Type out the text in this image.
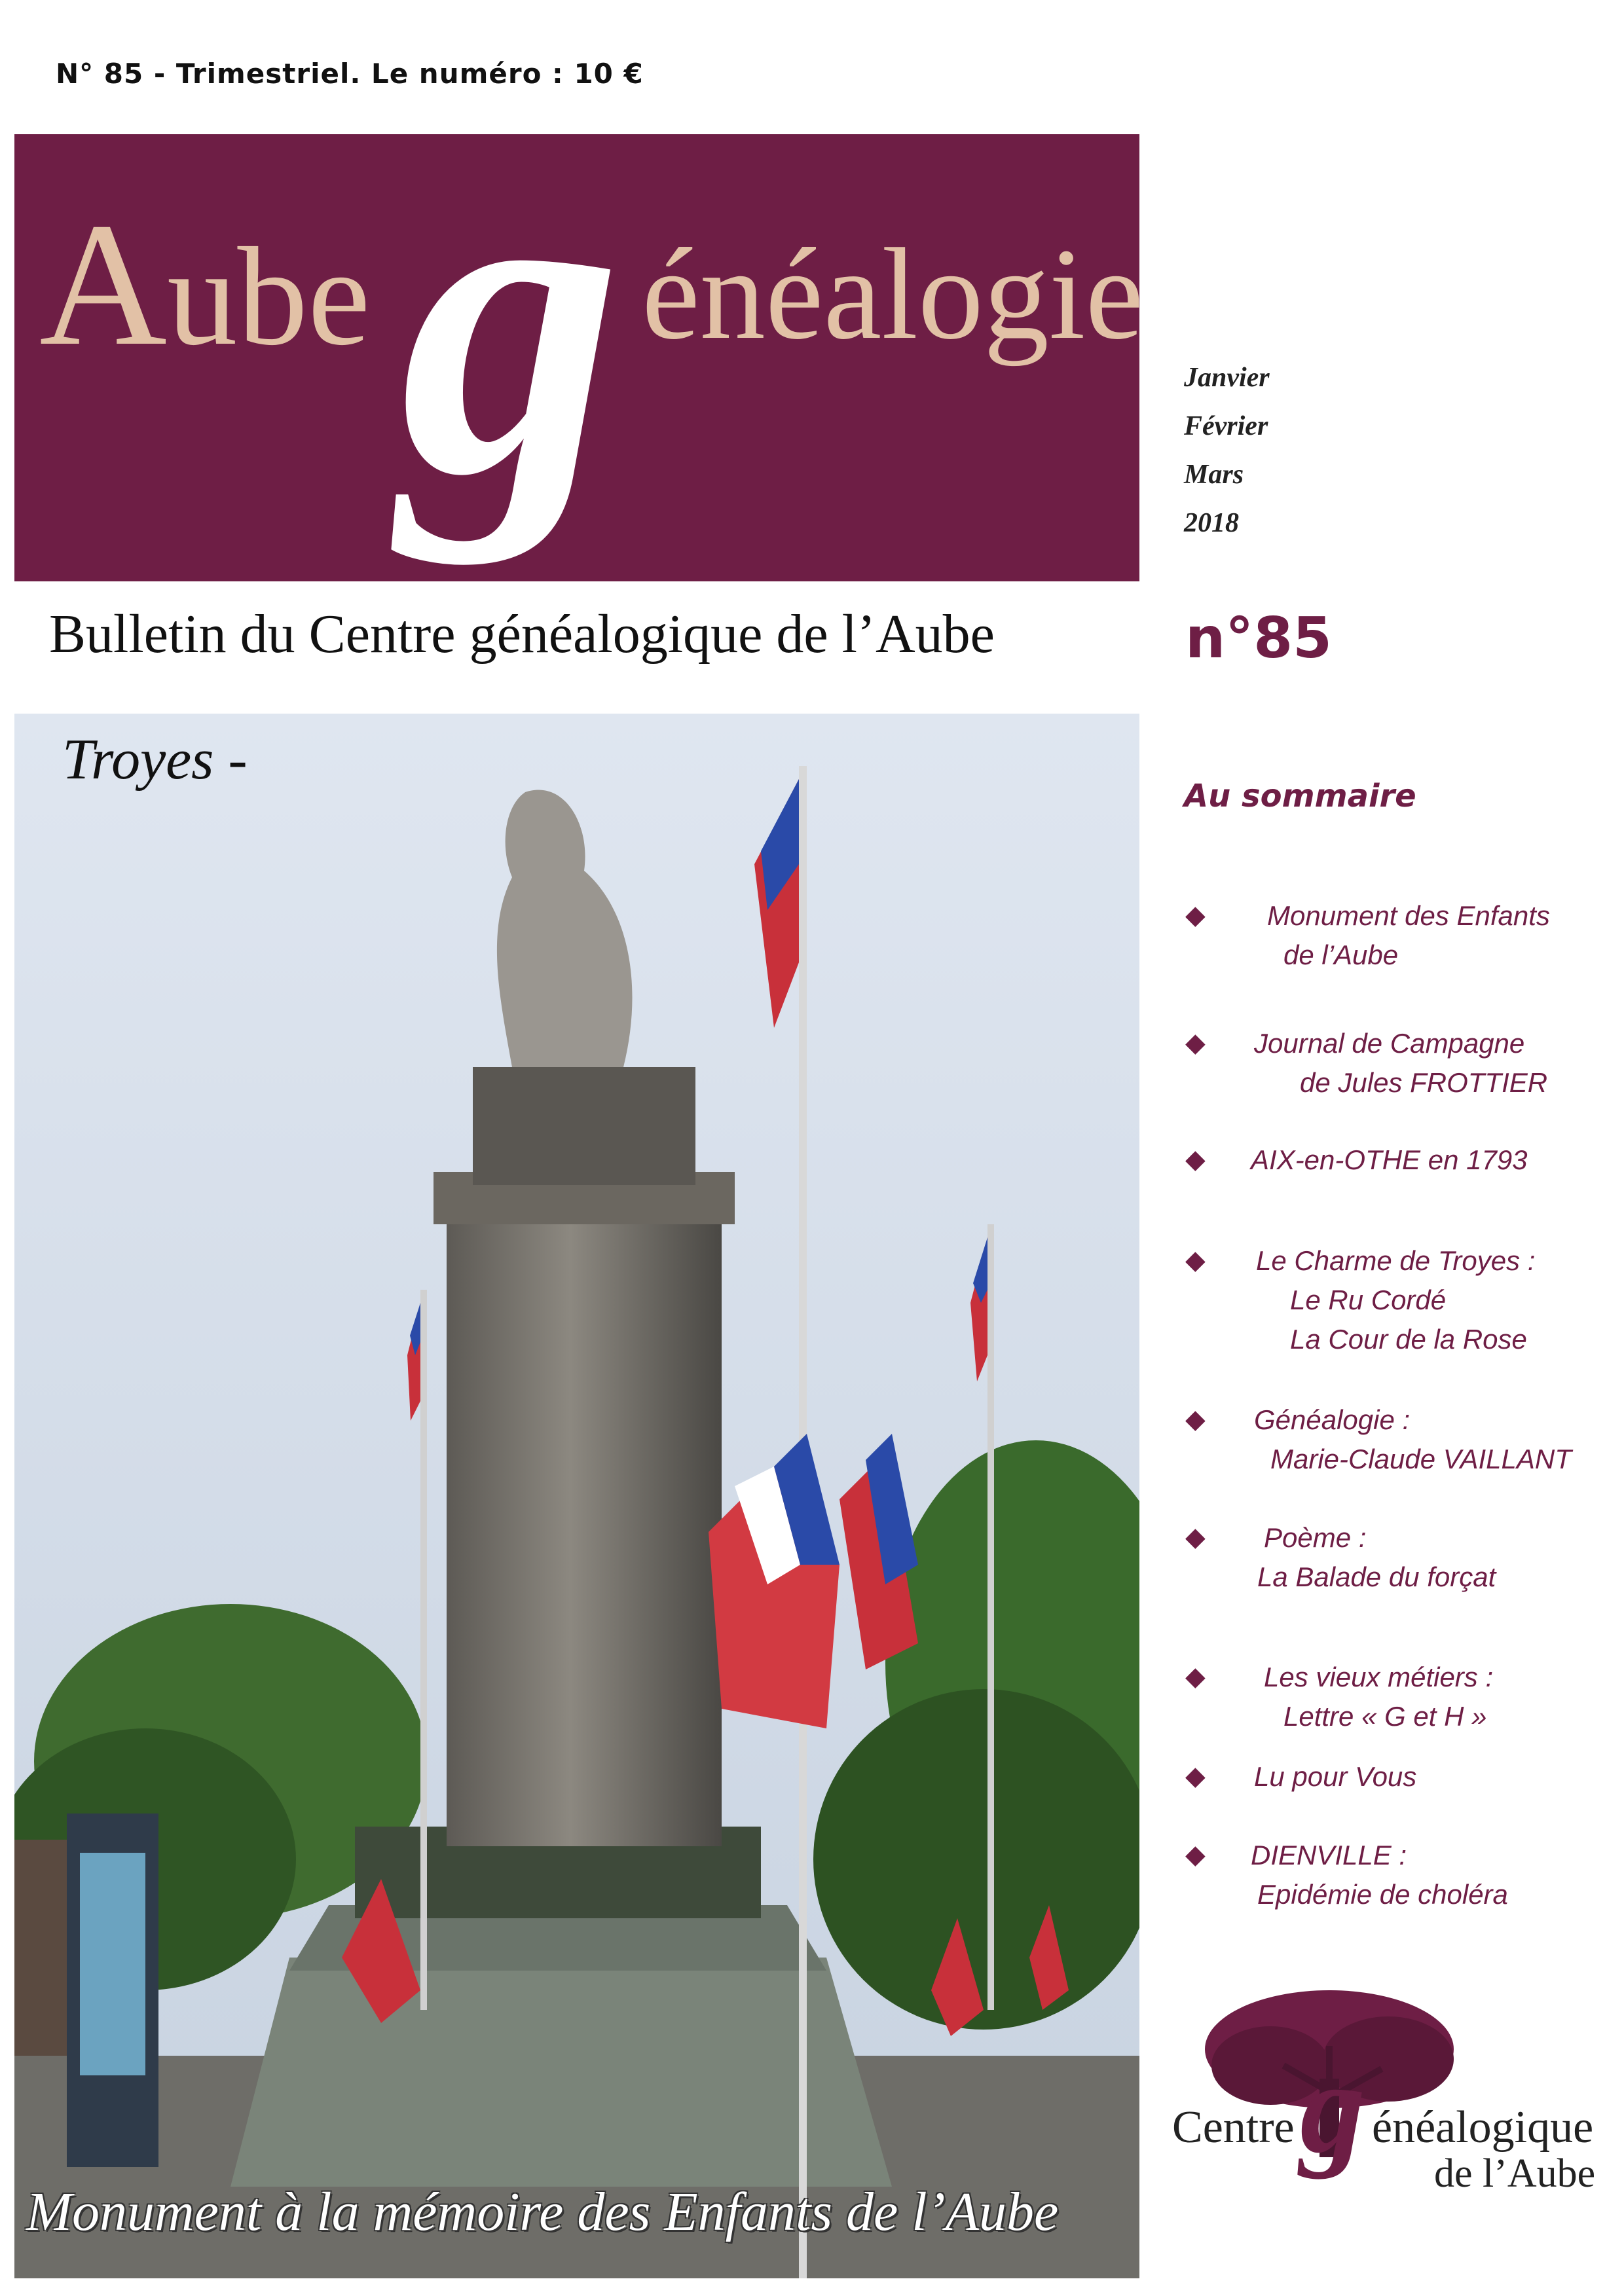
N° 85 - Trimestriel. Le numéro : 10 €
Aube g énéalogie
Janvier
Février
Mars
2018
Bulletin du Centre généalogique de l’Aube	n°85
Troyes -
Monument à la mémoire des Enfants de l’Aube
Au sommaire
◆ Monument des Enfants
de l’Aube
◆ Journal de Campagne
de Jules FROTTIER
◆ AIX-en-OTHE en 1793
◆ Le Charme de Troyes :
Le Ru Cordé
La Cour de la Rose
◆ Généalogie :
Marie-Claude VAILLANT
◆ Poème :
La Balade du forçat
◆ Les vieux métiers :
Lettre « G et H »
◆ Lu pour Vous
◆ DIENVILLE :
Epidémie de choléra
Centre g énéalogique
de l’Aube
